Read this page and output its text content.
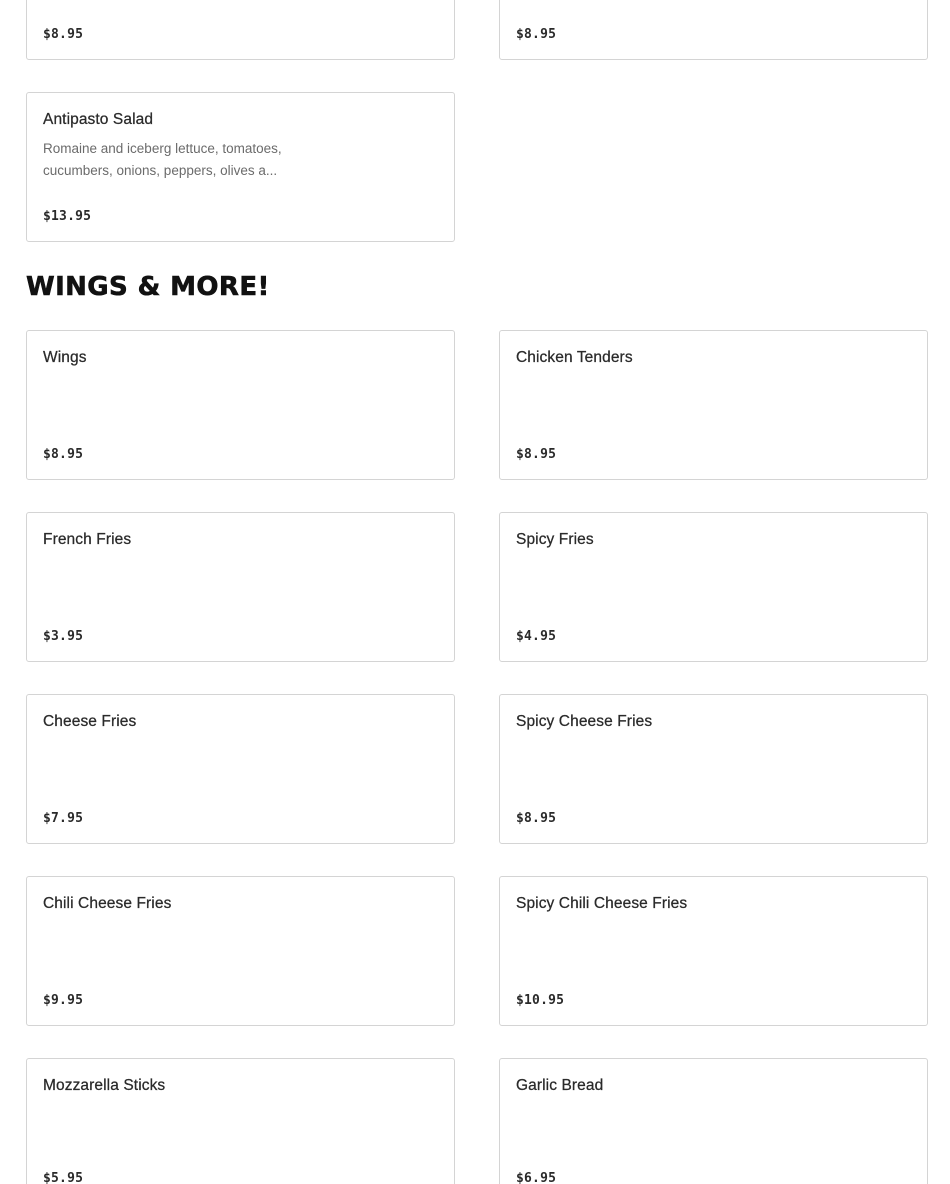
$8.95	$8.95
Antipasto Salad
Romaine and iceberg lettuce, tomatoes, cucumbers, onions, peppers, olives a...
$13.95
WINGS & MORE!
Wings
$8.95
Chicken Tenders
$8.95
French Fries
$3.95
Spicy Fries
$4.95
Cheese Fries
$7.95
Spicy Cheese Fries
$8.95
Chili Cheese Fries
$9.95
Spicy Chili Cheese Fries
$10.95
Mozzarella Sticks
$5.95
Garlic Bread
$6.95
